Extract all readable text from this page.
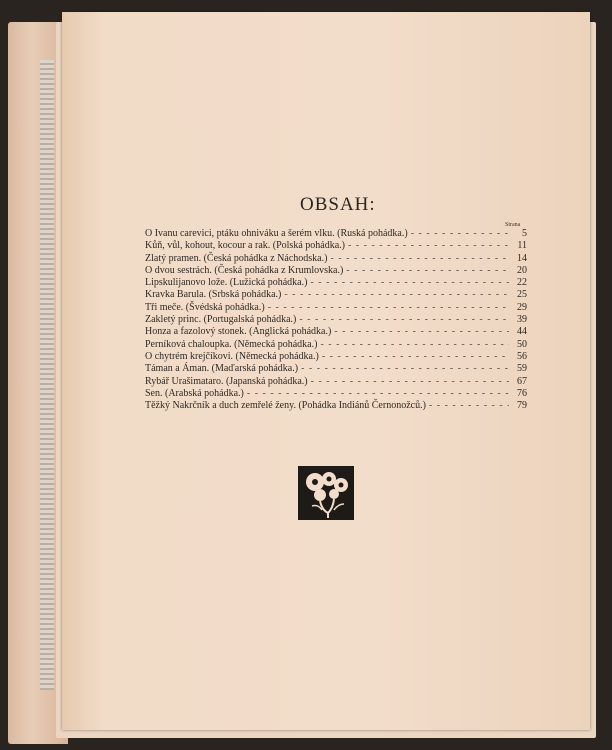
OBSAH:
Strana
O Ivanu carevici, ptáku ohniváku a šerém vlku. (Ruská pohádka.) - - -	5
Kůň, vůl, kohout, kocour a rak. (Polská pohádka.) - - -	11
Zlatý pramen. (Česká pohádka z Náchodska.) - - -	14
O dvou sestrách. (Česká pohádka z Krumlovska.) - - -	20
Lipskulijanovo lože. (Lužická pohádka.) - - -	22
Kravka Barula. (Srbská pohádka.) - - -	25
Tři meče. (Švédská pohádka.) - - -	29
Zakletý princ. (Portugalská pohádka.) - - -	39
Honza a fazolový stonek. (Anglická pohádka.) - - -	44
Perníková chaloupka. (Německá pohádka.) - - -	50
O chytrém krejčíkovi. (Německá pohádka.) - - -	56
Táman a Áman. (Maďarská pohádka.) - - -	59
Rybář Urašimataro. (Japanská pohádka.) - - -	67
Sen. (Arabská pohádka.) - - -	76
Těžký Nakrčník a duch zemřelé ženy. (Pohádka Indiánů Černonožců.) - - -	79
